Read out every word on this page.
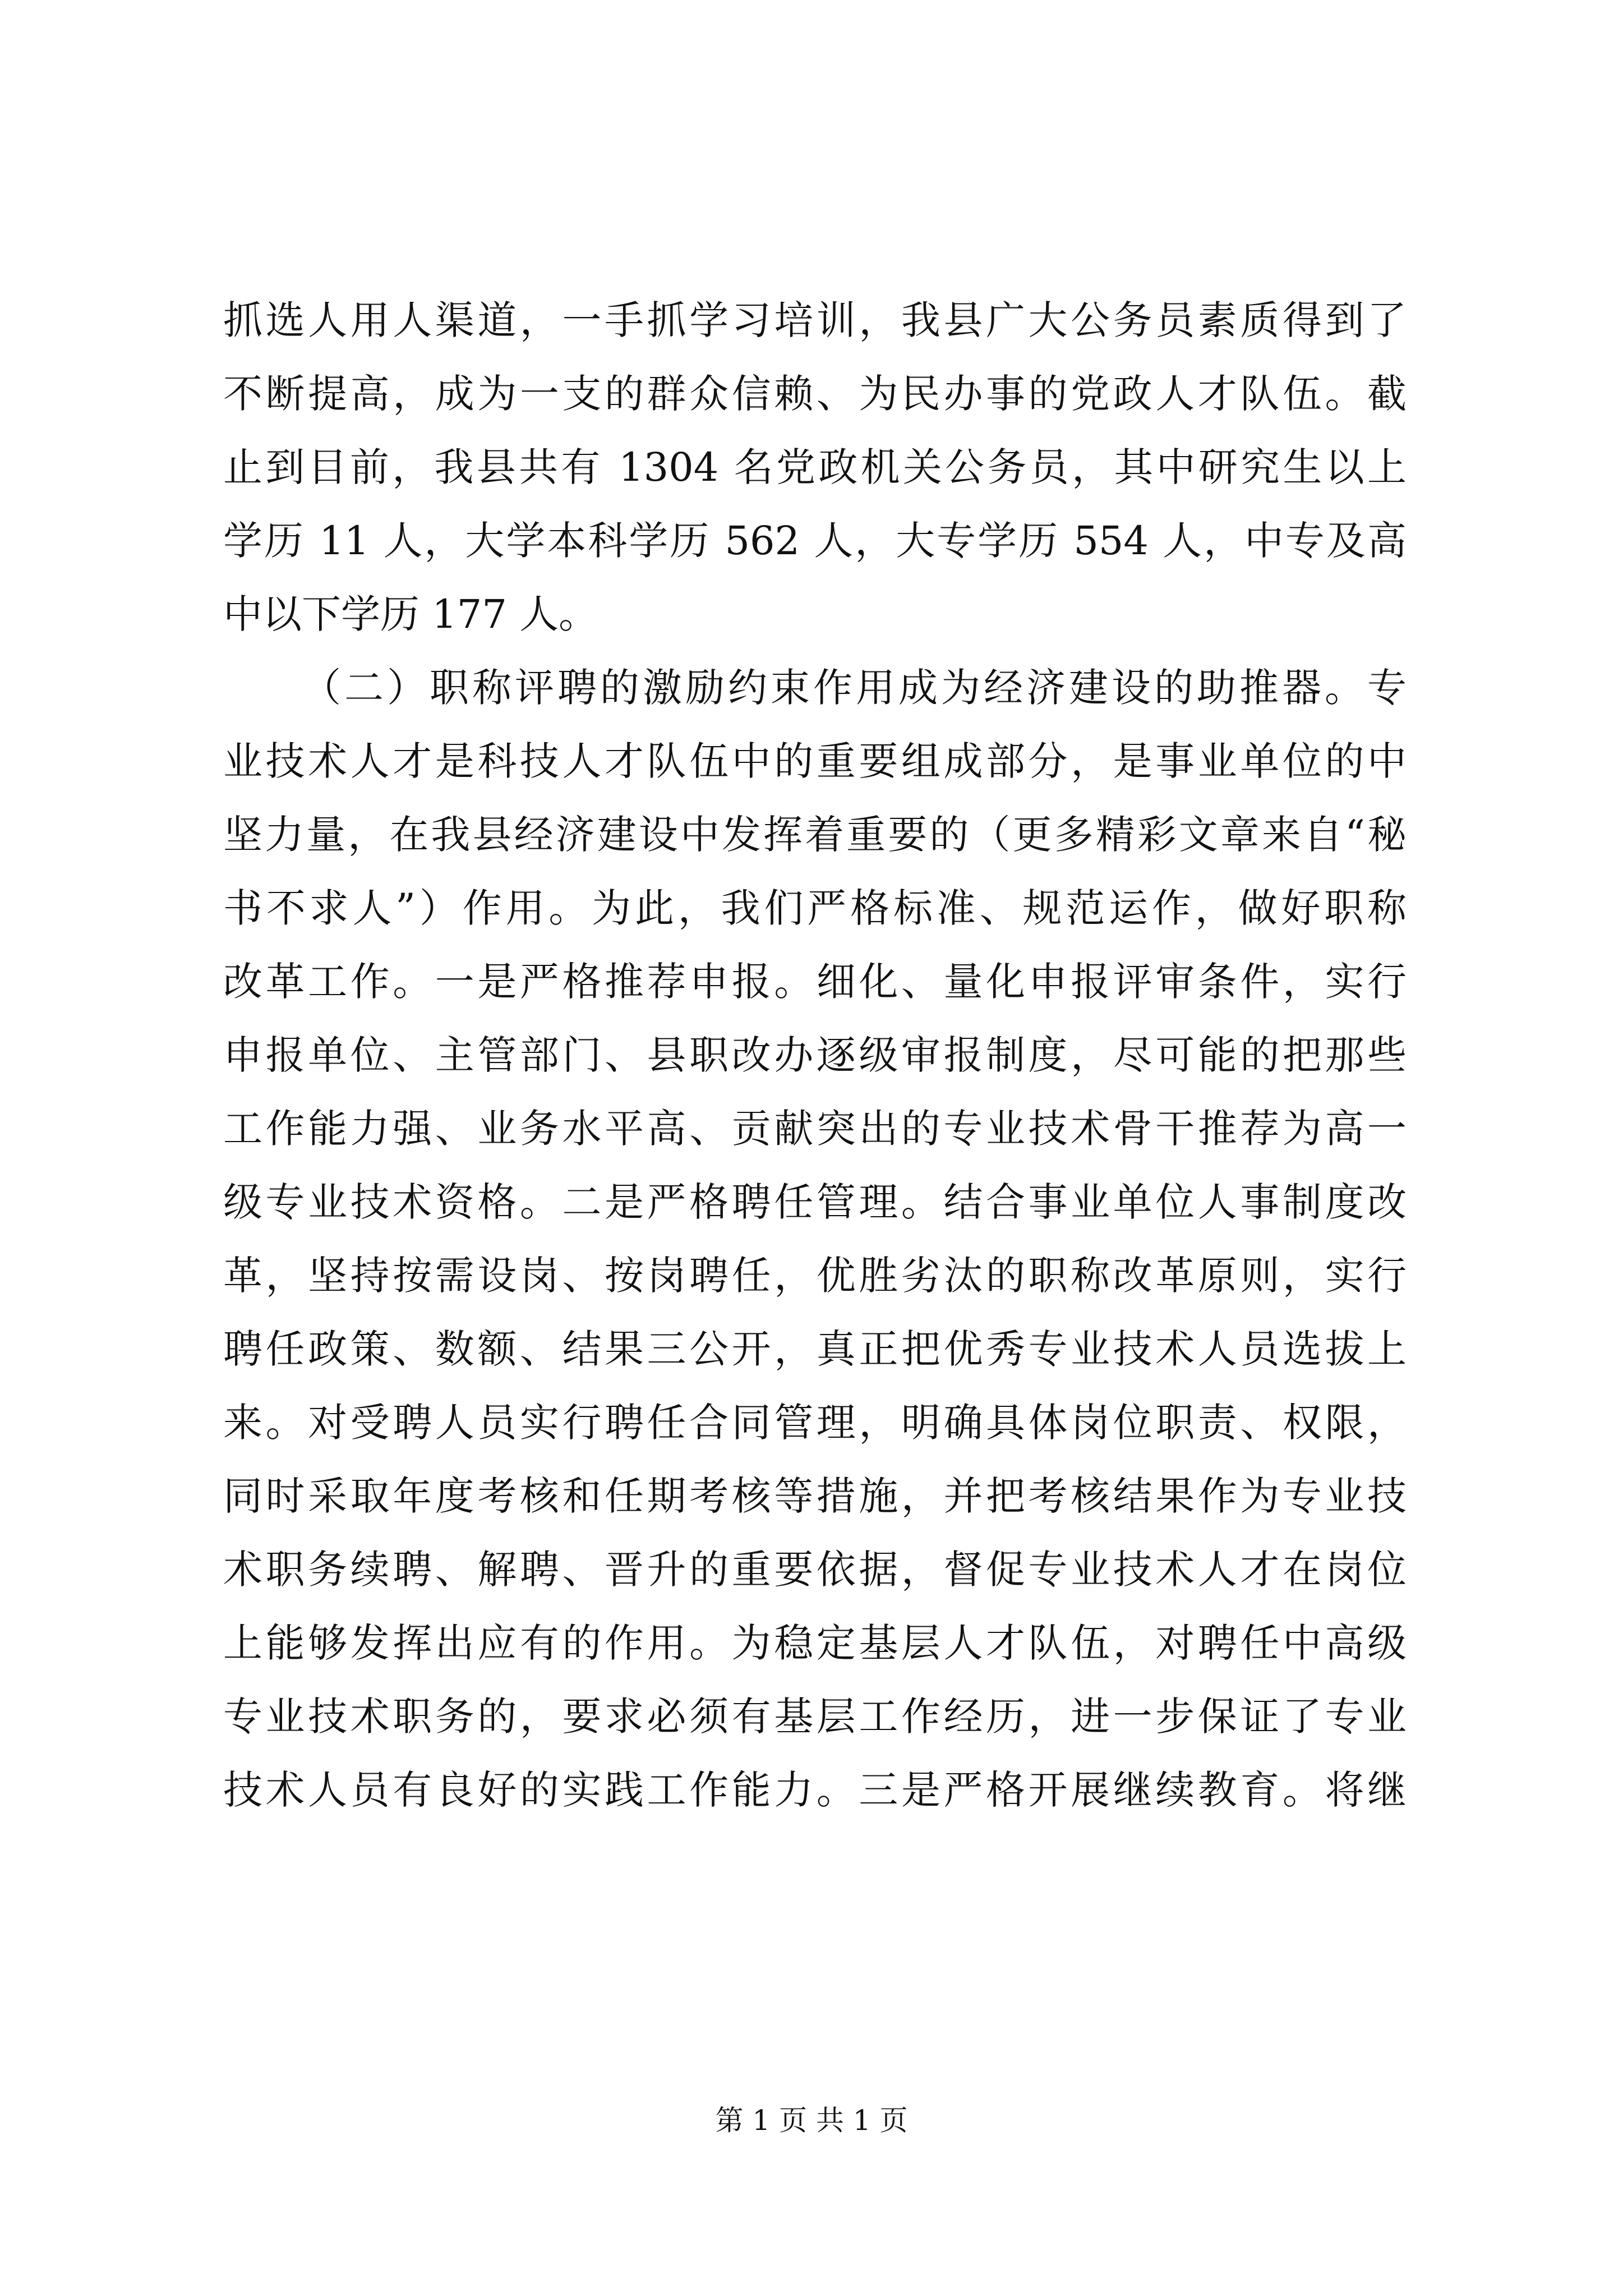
抓选人用人渠道，一手抓学习培训，我县广大公务员素质得到了
不断提高，成为一支的群众信赖、为民办事的党政人才队伍。截
止到目前，我县共有 1304 名党政机关公务员，其中研究生以上
学历 11 人，大学本科学历 562 人，大专学历 554 人，中专及高
中以下学历 177 人。
（二）职称评聘的激励约束作用成为经济建设的助推器。专
业技术人才是科技人才队伍中的重要组成部分，是事业单位的中
坚力量，在我县经济建设中发挥着重要的（更多精彩文章来自“秘
书不求人”）作用。为此，我们严格标准、规范运作，做好职称
改革工作。一是严格推荐申报。细化、量化申报评审条件，实行
申报单位、主管部门、县职改办逐级审报制度，尽可能的把那些
工作能力强、业务水平高、贡献突出的专业技术骨干推荐为高一
级专业技术资格。二是严格聘任管理。结合事业单位人事制度改
革，坚持按需设岗、按岗聘任，优胜劣汰的职称改革原则，实行
聘任政策、数额、结果三公开，真正把优秀专业技术人员选拔上
来。对受聘人员实行聘任合同管理，明确具体岗位职责、权限，
同时采取年度考核和任期考核等措施，并把考核结果作为专业技
术职务续聘、解聘、晋升的重要依据，督促专业技术人才在岗位
上能够发挥出应有的作用。为稳定基层人才队伍，对聘任中高级
专业技术职务的，要求必须有基层工作经历，进一步保证了专业
技术人员有良好的实践工作能力。三是严格开展继续教育。将继
第 1 页 共 1 页
